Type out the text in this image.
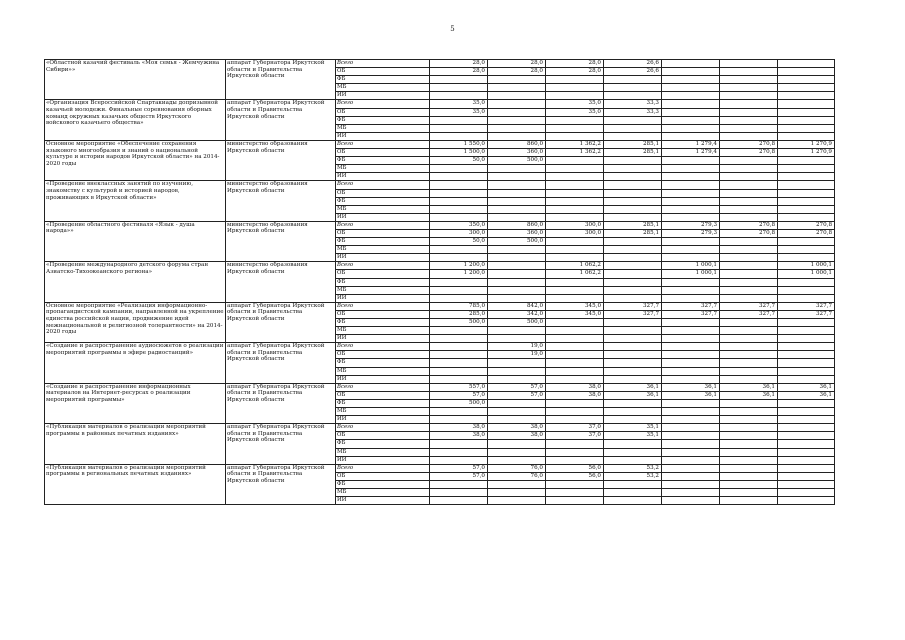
5
«Областной казачий фестиваль «Моя семья - Жемчужина Сибири»»	аппарат Губернатора Иркутской области и Правительства Иркутской области	Всего	28,0	28,0	28,0	26,6			
		ОБ	28,0	28,0	28,0	26,6			
		ФБ							
		МБ							
		ИИ							
«Организация Всероссийской Спартакиады допризывной казачьей молодежи. Финальные соревнования оборных команд окружных казачьих обществ Иркутского войскового казачьего общества»	аппарат Губернатора Иркутской области и Правительства Иркутской области	Всего	35,0		35,0	33,3			
		ОБ	35,0		35,0	33,3			
		ФБ							
		МБ							
		ИИ							
Основное мероприятие «Обеспечение сохранения языкового многообразия и знаний о национальной культуре и истории народов Иркутской области» на 2014-2020 годы	министерство образования Иркутской области	Всего	1 550,0	860,0	1 362,2	285,1	1 279,4	270,8	1 270,9
		ОБ	1 500,0	360,0	1 362,2	285,1	1 279,4	270,8	1 270,9
		ФБ	50,0	500,0					
		МБ							
		ИИ							
«Проведение внеклассных занятий по изучению, знакомству с культурой и историей народов, проживающих в Иркутской области»	министерство образования Иркутской области	Всего							
		ОБ							
		ФБ							
		МБ							
		ИИ							
«Проведение областного фестиваля «Язык - душа народа»»	министерство образования Иркутской области	Всего	350,0	860,0	300,0	285,1	279,3	270,8	270,8
		ОБ	300,0	360,0	300,0	285,1	279,3	270,8	270,8
		ФБ	50,0	500,0					
		МБ							
		ИИ							
«Проведение международного детского форума стран Азиатско-Тихоокеанского региона»	министерство образования Иркутской области	Всего	1 200,0		1 062,2		1 000,1		1 000,1
		ОБ	1 200,0		1 062,2		1 000,1		1 000,1
		ФБ							
		МБ							
		ИИ							
Основное мероприятие «Реализация информационно-пропагандистской кампании, направленной на укрепление единства российской нации, продвижение идей межнациональной и религиозной толерантности» на 2014-2020 годы	аппарат Губернатора Иркутской области и Правительства Иркутской области	Всего	785,0	842,0	345,0	327,7	327,7	327,7	327,7
		ОБ	285,0	342,0	345,0	327,7	327,7	327,7	327,7
		ФБ	500,0	500,0					
		МБ							
		ИИ							
«Создание и распространение аудиосюжетов о реализации мероприятий программы в эфире радиостанций»	аппарат Губернатора Иркутской области и Правительства Иркутской области	Всего		19,0					
		ОБ		19,0					
		ФБ							
		МБ							
		ИИ							
«Создание и распространение информационных материалов на Интернет-ресурсах о реализации мероприятий программы»	аппарат Губернатора Иркутской области и Правительства Иркутской области	Всего	557,0	57,0	38,0	36,1	36,1	36,1	36,1
		ОБ	57,0	57,0	38,0	36,1	36,1	36,1	36,1
		ФБ	500,0						
		МБ							
		ИИ							
«Публикация материалов о реализации мероприятий программы в районных печатных изданиях»	аппарат Губернатора Иркутской области и Правительства Иркутской области	Всего	38,0	38,0	37,0	35,1			
		ОБ	38,0	38,0	37,0	35,1			
		ФБ							
		МБ							
		ИИ							
«Публикация материалов о реализации мероприятий программы в региональных печатных изданиях»	аппарат Губернатора Иркутской области и Правительства Иркутской области	Всего	57,0	76,0	56,0	53,2			
		ОБ	57,0	76,0	56,0	53,2			
		ФБ							
		МБ							
		ИИ							
